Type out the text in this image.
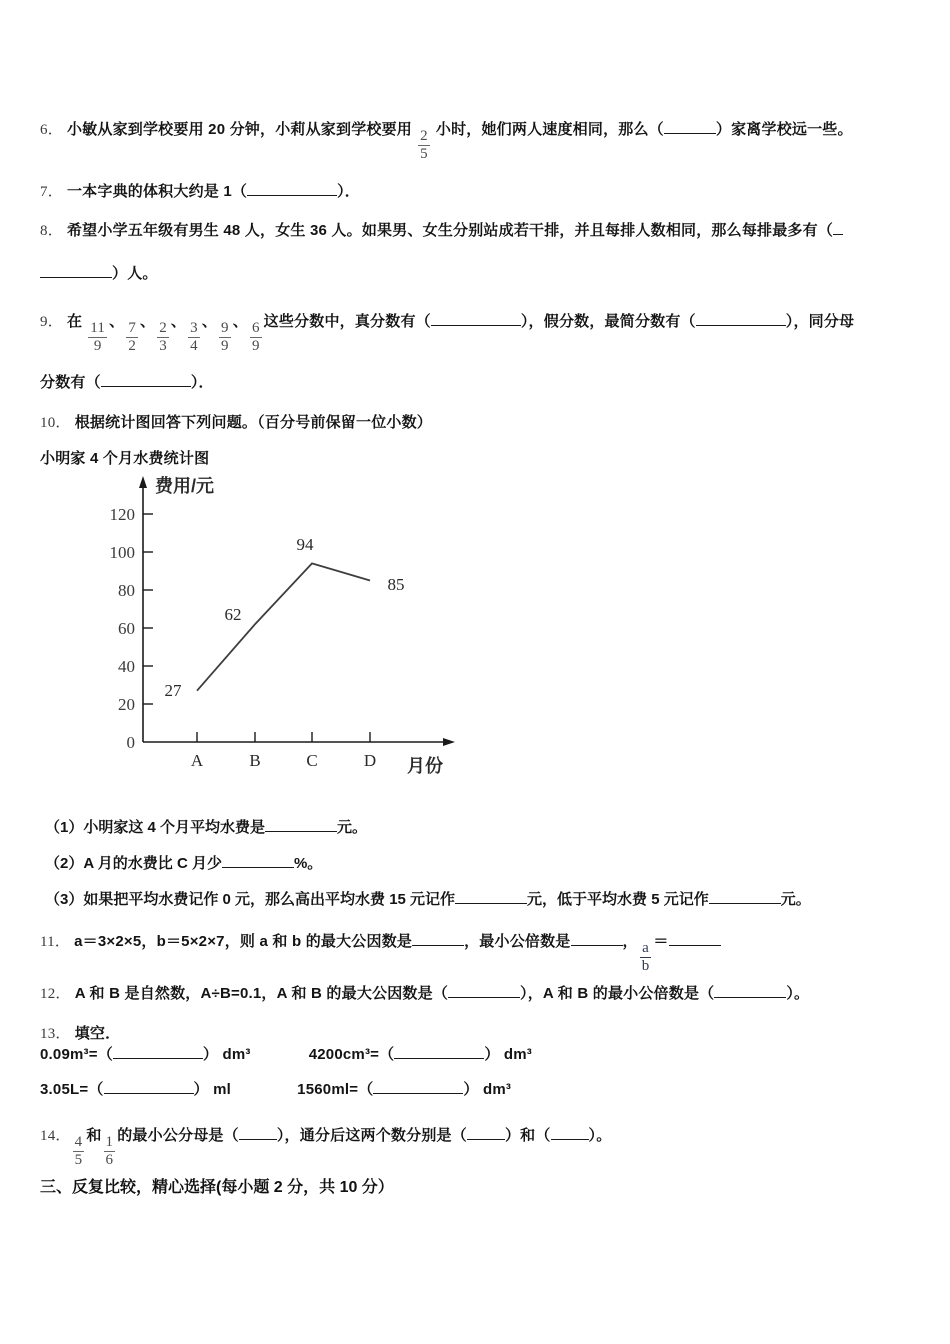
6． 小敏从家到学校要用 20 分钟，小莉从家到学校要用 $\frac{2}{5}$ 小时，她们两人速度相同，那么（	）家离学校远一些。
7． 一本字典的体积大约是 1（	）．
8． 希望小学五年级有男生 48 人，女生 36 人。如果男、女生分别站成若干排，并且每排人数相同，那么每排最多有（
）人。
9． 在 $\frac{11}{9}$ 、 $\frac{7}{2}$ 、 $\frac{2}{3}$ 、 $\frac{3}{4}$ 、 $\frac{9}{9}$ 、 $\frac{6}{9}$ 这些分数中，真分数有（	），假分数，最简分数有（	），同分母
分数有（	）．
10． 根据统计图回答下列问题。（百分号前保留一位小数）
小明家 4 个月水费统计图
0
20
40
60
80
100
120
费用/元
A	B	C	D 月份
27
62
94
85
（1）小明家这 4 个月平均水费是	元。
（2）A 月的水费比 C 月少	%。
（3）如果把平均水费记作 0 元，那么高出平均水费 15 元记作	元，低于平均水费 5 元记作	元。
11． a＝3×2×5，b＝5×2×7，则 a 和 b 的最大公因数是	，最小公倍数是	， $\frac{a}{b}$ ＝
12． A 和 B 是自然数，A÷B=0.1，A 和 B 的最大公因数是（	），A 和 B 的最小公倍数是（	）。
13． 填空．
0.09m³=（	） dm³	4200cm³=（	） dm³
3.05L=（	） ml	1560ml=（	） dm³
14． $\frac{4}{5}$ 和 $\frac{1}{6}$ 的最小公分母是（	），通分后这两个数分别是（	）和（	）。
三、反复比较，精心选择(每小题 2 分，共 10 分）
